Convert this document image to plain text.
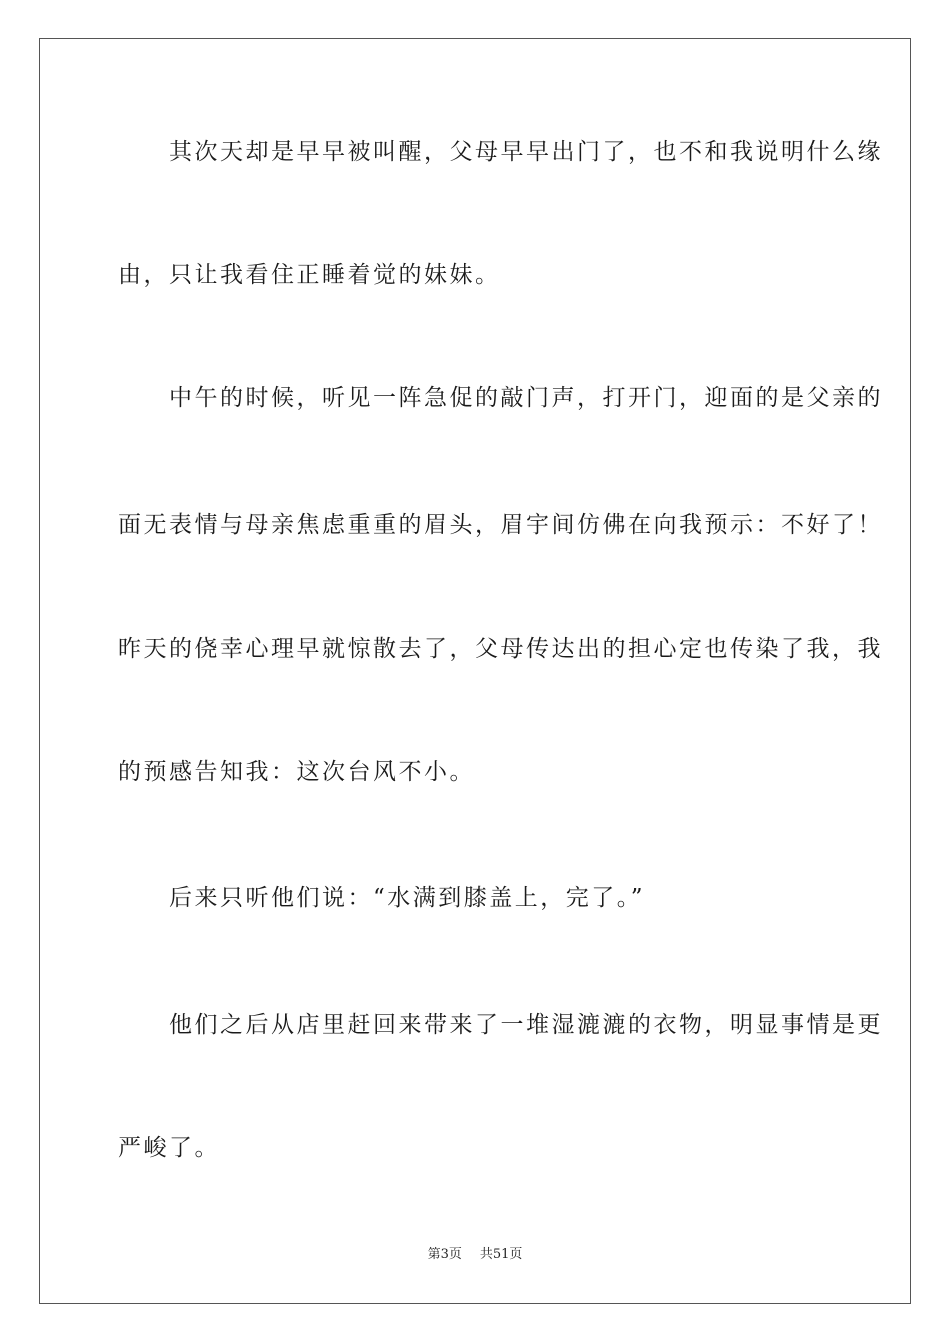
　　其次天却是早早被叫醒，父母早早出门了，也不和我说明什么缘
由，只让我看住正睡着觉的妹妹。
　　中午的时候，听见一阵急促的敲门声，打开门，迎面的是父亲的
面无表情与母亲焦虑重重的眉头，眉宇间仿佛在向我预示：不好了！
昨天的侥幸心理早就惊散去了，父母传达出的担心定也传染了我，我
的预感告知我：这次台风不小。
　　后来只听他们说：“水满到膝盖上，完了。”
　　他们之后从店里赶回来带来了一堆湿漉漉的衣物，明显事情是更
严峻了。
第3页 共51页
